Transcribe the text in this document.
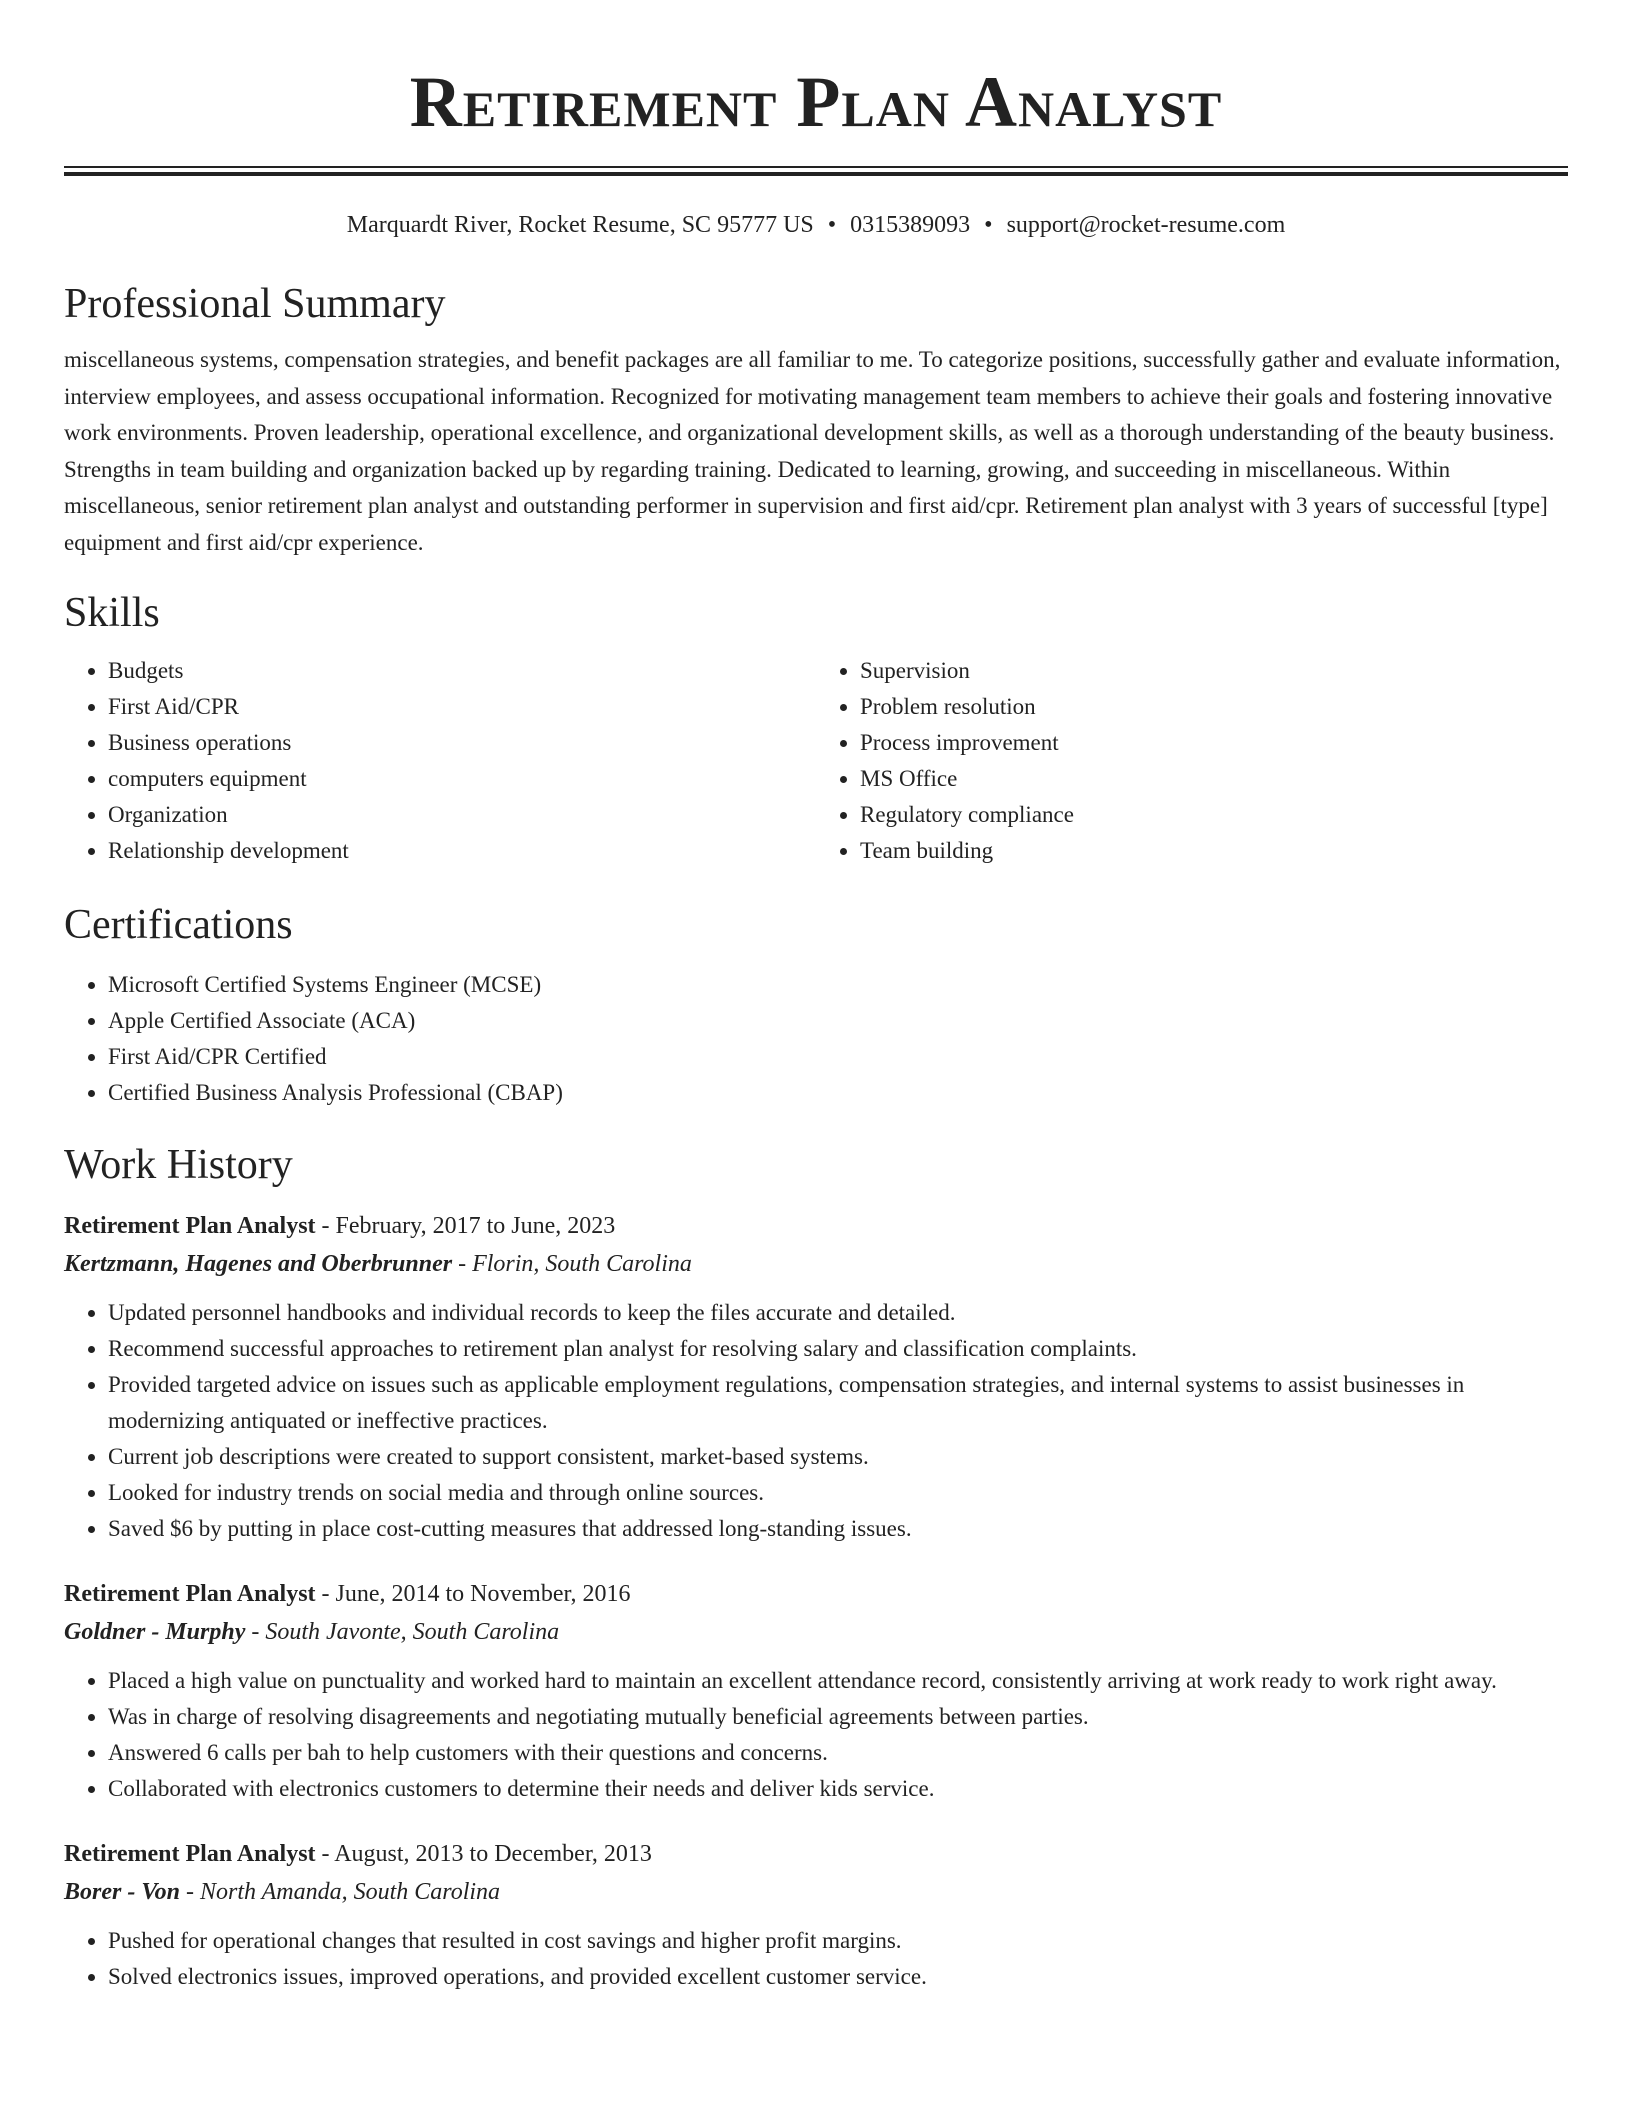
Retirement Plan Analyst
Marquardt River, Rocket Resume, SC 95777 US • 0315389093 • support@rocket-resume.com
Professional Summary

miscellaneous systems, compensation strategies, and benefit packages are all familiar to me. To categorize positions, successfully gather and evaluate information, interview employees, and assess occupational information. Recognized for motivating management team members to achieve their goals and fostering innovative work environments. Proven leadership, operational excellence, and organizational development skills, as well as a thorough understanding of the beauty business. Strengths in team building and organization backed up by regarding training. Dedicated to learning, growing, and succeeding in miscellaneous. Within miscellaneous, senior retirement plan analyst and outstanding performer in supervision and first aid/cpr. Retirement plan analyst with 3 years of successful [type] equipment and first aid/cpr experience.

Skills
• Budgets
• First Aid/CPR
• Business operations
• computers equipment
• Organization
• Relationship development
• Supervision
• Problem resolution
• Process improvement
• MS Office
• Regulatory compliance
• Team building
Certifications
• Microsoft Certified Systems Engineer (MCSE)
• Apple Certified Associate (ACA)
• First Aid/CPR Certified
• Certified Business Analysis Professional (CBAP)
Work History
Retirement Plan Analyst - February, 2017 to June, 2023
Kertzmann, Hagenes and Oberbrunner - Florin, South Carolina
• Updated personnel handbooks and individual records to keep the files accurate and detailed.
• Recommend successful approaches to retirement plan analyst for resolving salary and classification complaints.
• Provided targeted advice on issues such as applicable employment regulations, compensation strategies, and internal systems to assist businesses in modernizing antiquated or ineffective practices.
• Current job descriptions were created to support consistent, market-based systems.
• Looked for industry trends on social media and through online sources.
• Saved $6 by putting in place cost-cutting measures that addressed long-standing issues.
Retirement Plan Analyst - June, 2014 to November, 2016
Goldner - Murphy - South Javonte, South Carolina
• Placed a high value on punctuality and worked hard to maintain an excellent attendance record, consistently arriving at work ready to work right away.
• Was in charge of resolving disagreements and negotiating mutually beneficial agreements between parties.
• Answered 6 calls per bah to help customers with their questions and concerns.
• Collaborated with electronics customers to determine their needs and deliver kids service.
Retirement Plan Analyst - August, 2013 to December, 2013
Borer - Von - North Amanda, South Carolina
• Pushed for operational changes that resulted in cost savings and higher profit margins.
• Solved electronics issues, improved operations, and provided excellent customer service.
